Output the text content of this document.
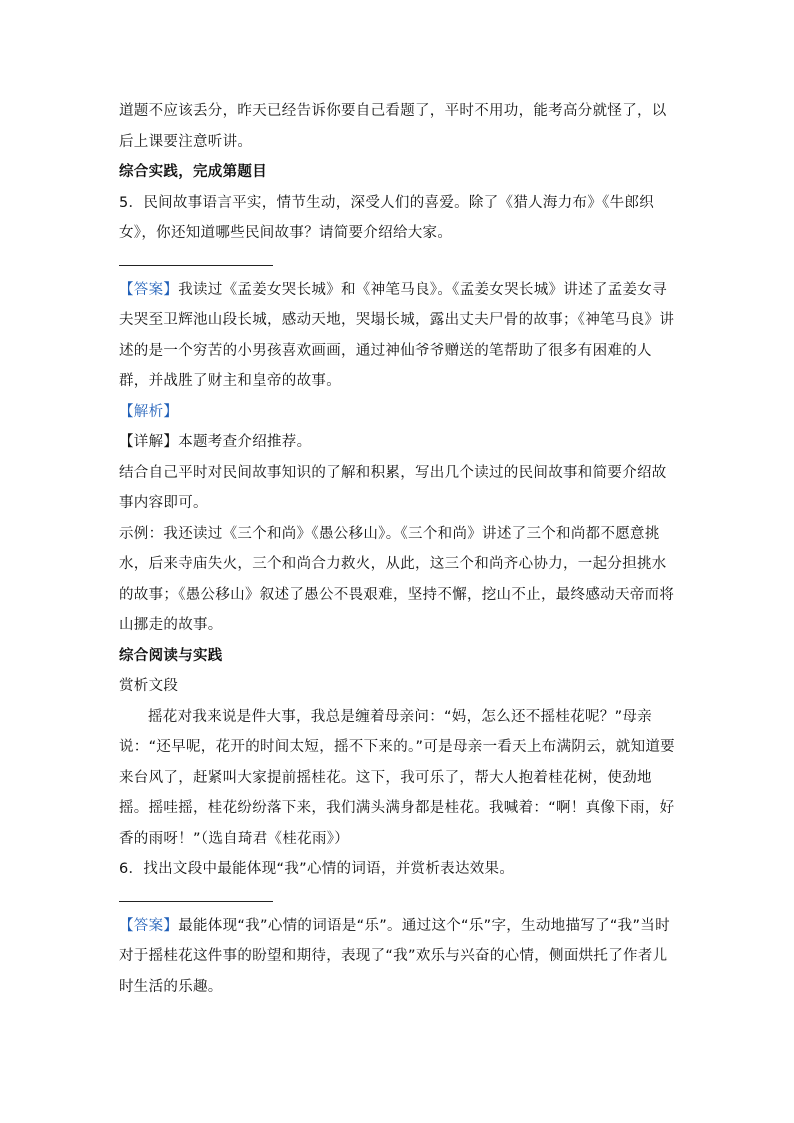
道题不应该丢分，昨天已经告诉你要自己看题了，平时不用功，能考高分就怪了，以后上课要注意听讲。

综合实践，完成第题目

5．民间故事语言平实，情节生动，深受人们的喜爱。除了《猎人海力布》《牛郎织女》，你还知道哪些民间故事？请简要介绍给大家。

【答案】我读过《孟姜女哭长城》和《神笔马良》。《孟姜女哭长城》讲述了孟姜女寻夫哭至卫辉池山段长城，感动天地，哭塌长城，露出丈夫尸骨的故事；《神笔马良》讲述的是一个穷苦的小男孩喜欢画画，通过神仙爷爷赠送的笔帮助了很多有困难的人群，并战胜了财主和皇帝的故事。

【解析】

【详解】本题考查介绍推荐。

结合自己平时对民间故事知识的了解和积累，写出几个读过的民间故事和简要介绍故事内容即可。

示例：我还读过《三个和尚》《愚公移山》。《三个和尚》讲述了三个和尚都不愿意挑水，后来寺庙失火，三个和尚合力救火，从此，这三个和尚齐心协力，一起分担挑水的故事；《愚公移山》叙述了愚公不畏艰难，坚持不懈，挖山不止，最终感动天帝而将山挪走的故事。

综合阅读与实践

赏析文段

摇花对我来说是件大事，我总是缠着母亲问：“妈，怎么还不摇桂花呢？”母亲说：“还早呢，花开的时间太短，摇不下来的。”可是母亲一看天上布满阴云，就知道要来台风了，赶紧叫大家提前摇桂花。这下，我可乐了，帮大人抱着桂花树，使劲地摇。摇哇摇，桂花纷纷落下来，我们满头满身都是桂花。我喊着：“啊！真像下雨，好香的雨呀！”（选自琦君《桂花雨》）

6．找出文段中最能体现“我”心情的词语，并赏析表达效果。

【答案】最能体现“我”心情的词语是“乐”。通过这个“乐”字，生动地描写了“我”当时对于摇桂花这件事的盼望和期待，表现了“我”欢乐与兴奋的心情，侧面烘托了作者儿时生活的乐趣。
